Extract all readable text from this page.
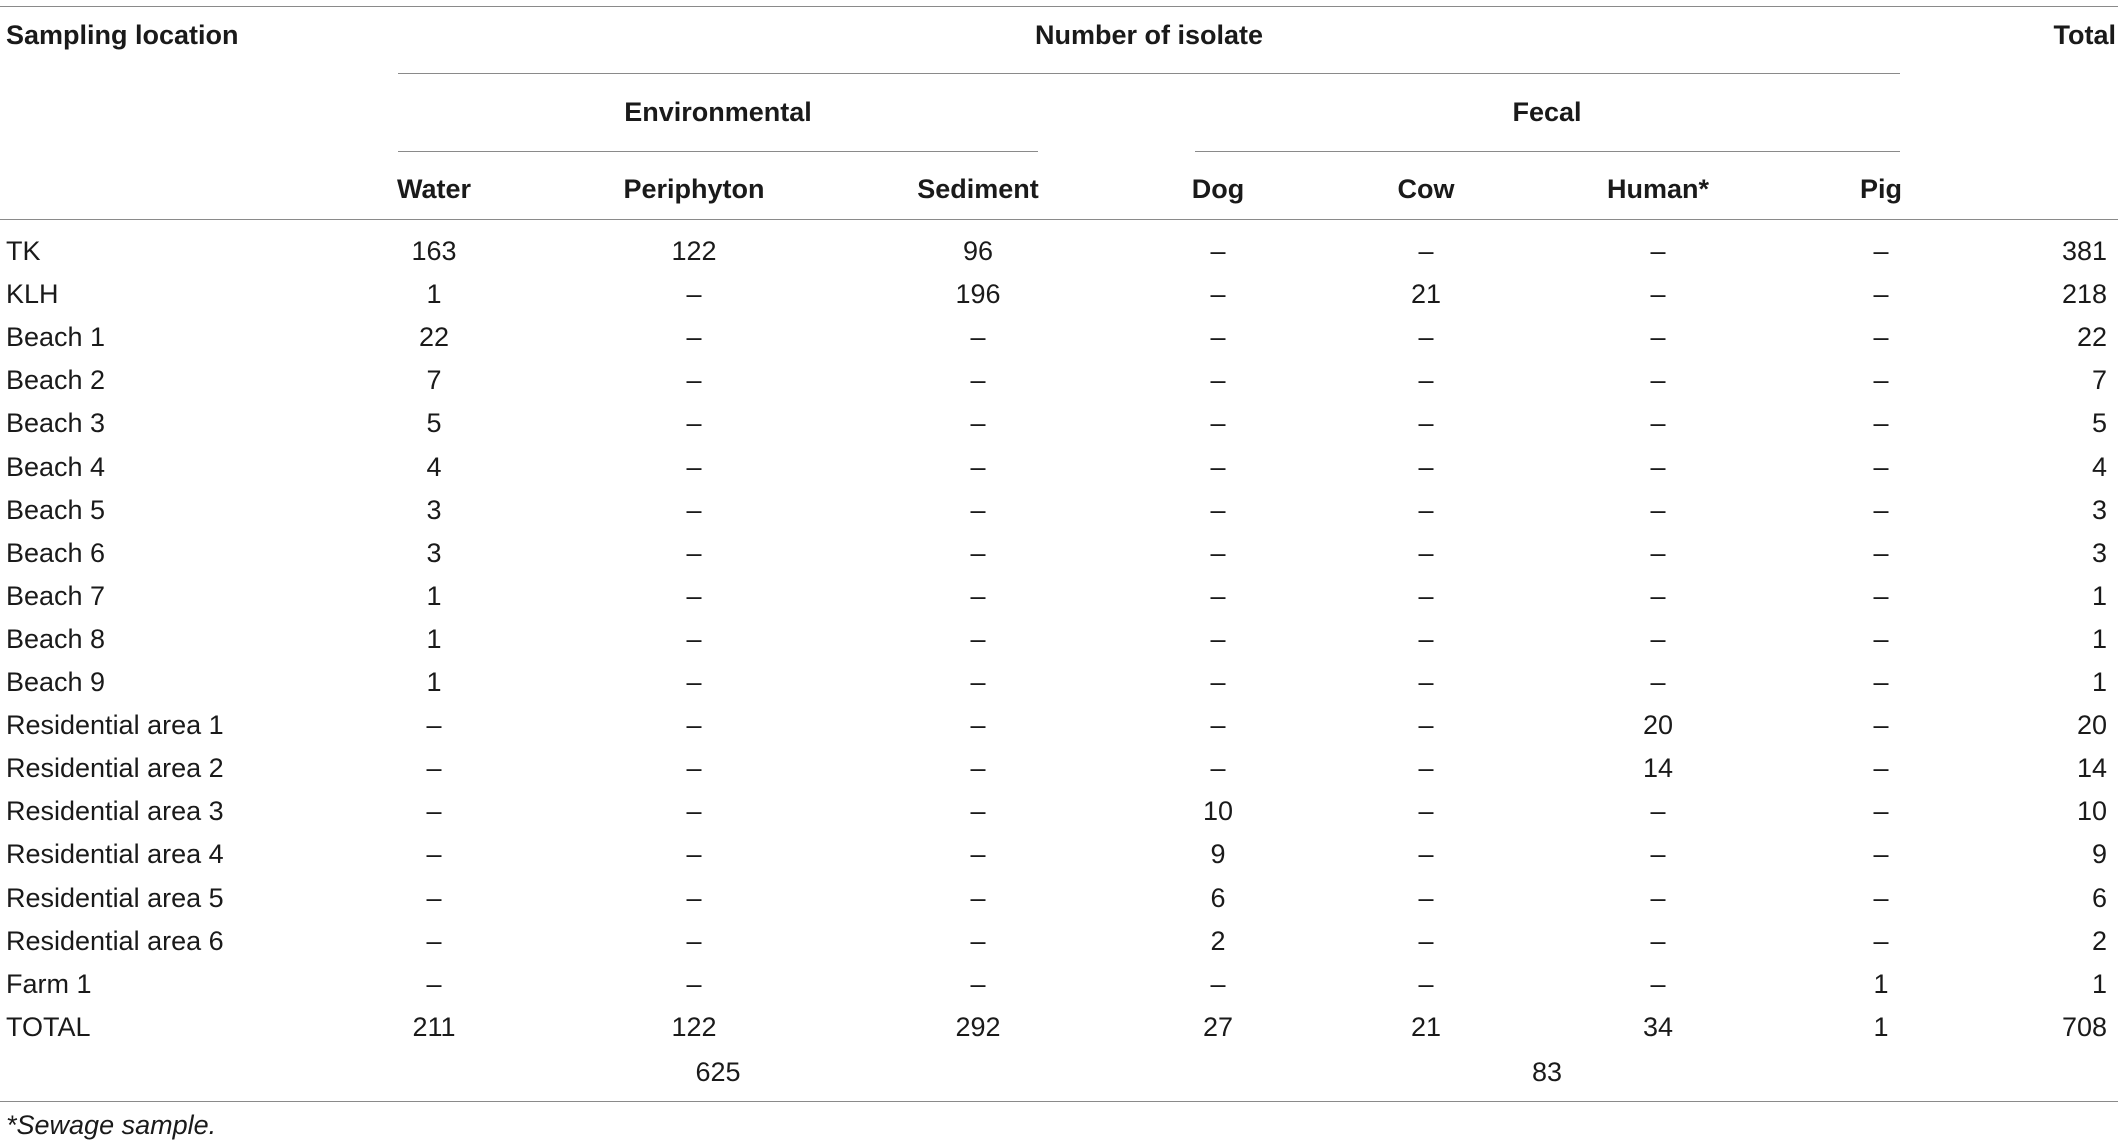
Sampling location	Number of isolate	Total
Environmental	Fecal
Water	Periphyton	Sediment	Dog	Cow	Human*	Pig
TK	163	122	96	–	–	–	–	381
KLH	1	–	196	–	21	–	–	218
Beach 1	22	–	–	–	–	–	–	22
Beach 2	7	–	–	–	–	–	–	7
Beach 3	5	–	–	–	–	–	–	5
Beach 4	4	–	–	–	–	–	–	4
Beach 5	3	–	–	–	–	–	–	3
Beach 6	3	–	–	–	–	–	–	3
Beach 7	1	–	–	–	–	–	–	1
Beach 8	1	–	–	–	–	–	–	1
Beach 9	1	–	–	–	–	–	–	1
Residential area 1	–	–	–	–	–	20	–	20
Residential area 2	–	–	–	–	–	14	–	14
Residential area 3	–	–	–	10	–	–	–	10
Residential area 4	–	–	–	9	–	–	–	9
Residential area 5	–	–	–	6	–	–	–	6
Residential area 6	–	–	–	2	–	–	–	2
Farm 1	–	–	–	–	–	–	1	1
TOTAL	211	122	292	27	21	34	1	708
625	83
*Sewage sample.
